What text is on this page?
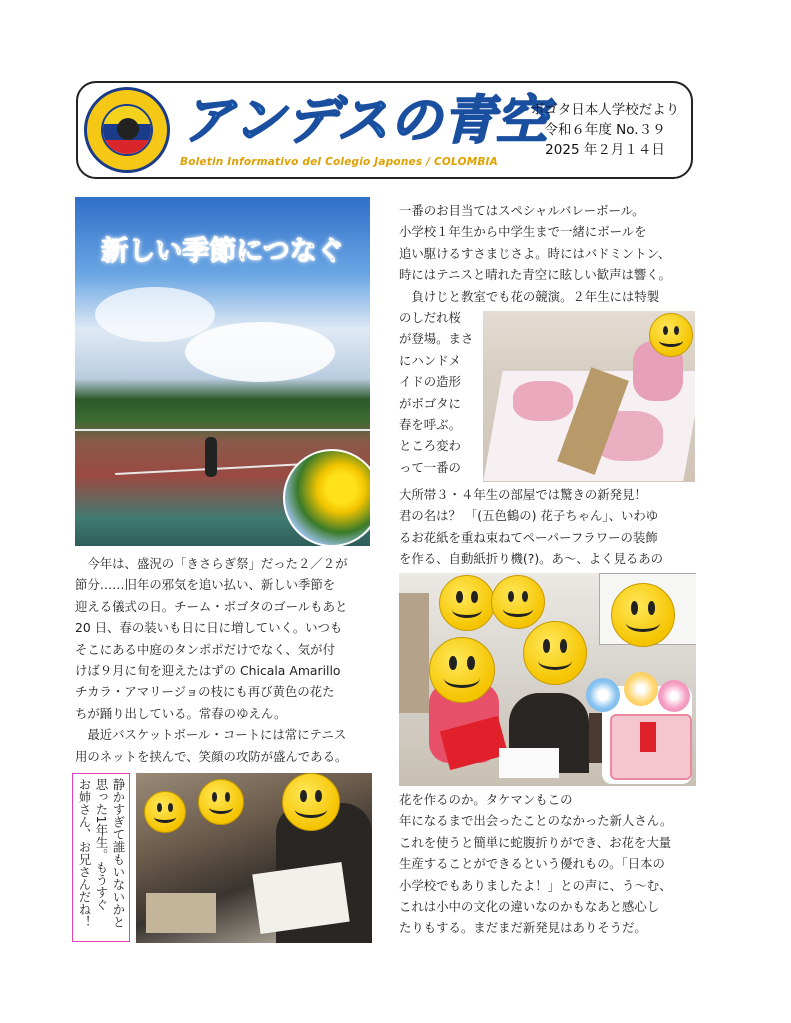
アンデスの青空
Boletin Informativo del Colegio Japones / COLOMBIA
ボゴタ日本人学校だより
令和６年度 No.３９
2025 年２月１４日
新しい季節につなぐ
　今年は、盛況の「きさらぎ祭」だった２／２が
節分……旧年の邪気を追い払い、新しい季節を
迎える儀式の日。チーム・ボゴタのゴールもあと
20 日、春の装いも日に日に増していく。いつも
そこにある中庭のタンポポだけでなく、気が付
けば９月に旬を迎えたはずの Chicala Amarillo
チカラ・アマリージョの枝にも再び黄色の花た
ちが踊り出している。常春のゆえん。
　最近バスケットボール・コートには常にテニス
用のネットを挟んで、笑顔の攻防が盛んである。
静かすぎて誰もいないかと
思った1年生。もうすぐ
お姉さん、お兄さんだね！
一番のお目当てはスペシャルバレーボール。
小学校１年生から中学生まで一緒にボールを
追い駆けるすさまじさよ。時にはバドミントン、
時にはテニスと晴れた青空に眩しい歓声は響く。
　負けじと教室でも花の競演。２年生には特製
のしだれ桜
が登場。まさ
にハンドメ
イドの造形
がボゴタに
春を呼ぶ。
ところ変わ
って一番の
大所帯３・４年生の部屋では驚きの新発見！
君の名は？ 「(五色鶴の) 花子ちゃん」、いわゆ
るお花紙を重ね束ねてペーパーフラワーの装飾
を作る、自動紙折り機(?)。あ～、よく見るあの
花を作るのか。タケマンもこの
年になるまで出会ったことのなかった新人さん。
これを使うと簡単に蛇腹折りができ、お花を大量
生産することができるという優れもの。「日本の
小学校でもありましたよ！」との声に、う～む、
これは小中の文化の違いなのかもなあと感心し
たりもする。まだまだ新発見はありそうだ。
